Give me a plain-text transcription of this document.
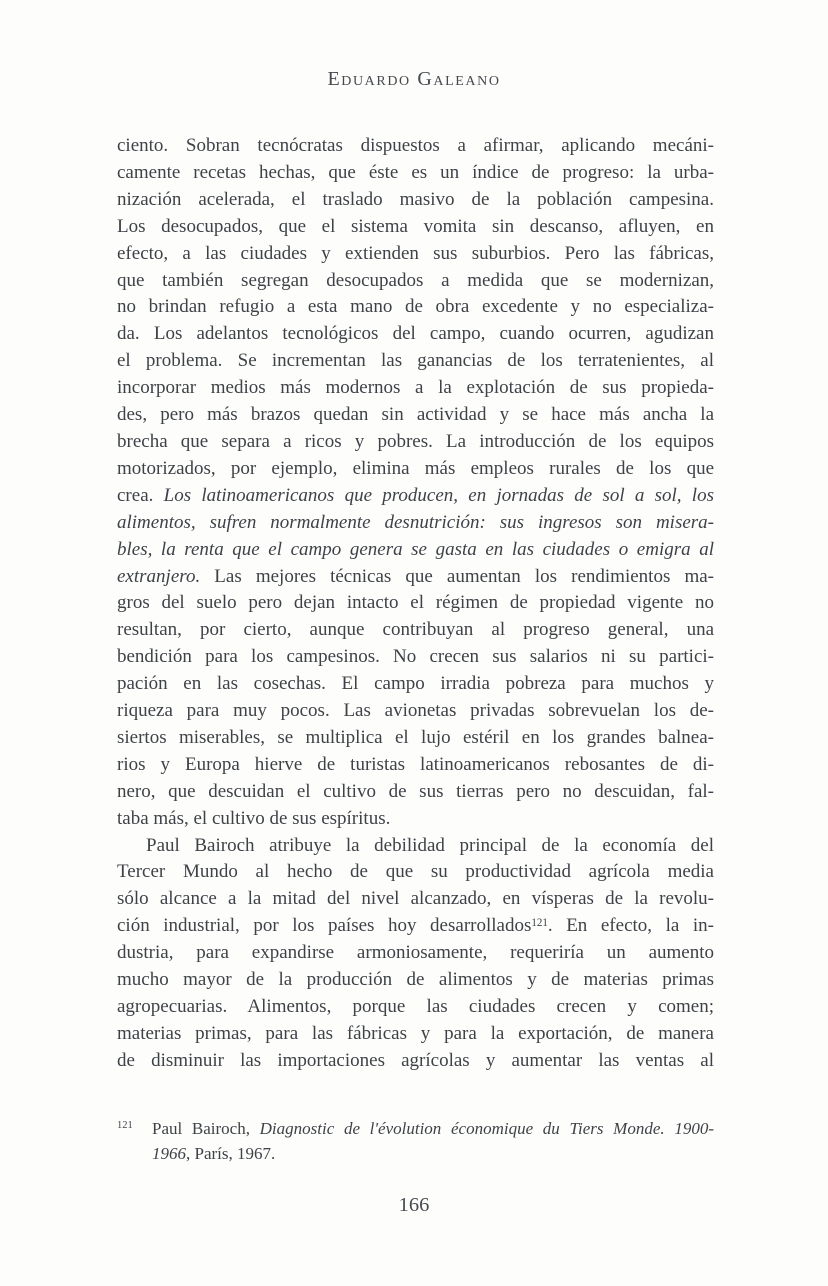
Eduardo Galeano
ciento. Sobran tecnócratas dispuestos a afirmar, aplicando mecáni-
camente recetas hechas, que éste es un índice de progreso: la urba-
nización acelerada, el traslado masivo de la población campesina.
Los desocupados, que el sistema vomita sin descanso, afluyen, en
efecto, a las ciudades y extienden sus suburbios. Pero las fábricas,
que también segregan desocupados a medida que se modernizan,
no brindan refugio a esta mano de obra excedente y no especializa-
da. Los adelantos tecnológicos del campo, cuando ocurren, agudizan
el problema. Se incrementan las ganancias de los terratenientes, al
incorporar medios más modernos a la explotación de sus propieda-
des, pero más brazos quedan sin actividad y se hace más ancha la
brecha que separa a ricos y pobres. La introducción de los equipos
motorizados, por ejemplo, elimina más empleos rurales de los que
crea. Los latinoamericanos que producen, en jornadas de sol a sol, los
alimentos, sufren normalmente desnutrición: sus ingresos son misera-
bles, la renta que el campo genera se gasta en las ciudades o emigra al
extranjero. Las mejores técnicas que aumentan los rendimientos ma-
gros del suelo pero dejan intacto el régimen de propiedad vigente no
resultan, por cierto, aunque contribuyan al progreso general, una
bendición para los campesinos. No crecen sus salarios ni su partici-
pación en las cosechas. El campo irradia pobreza para muchos y
riqueza para muy pocos. Las avionetas privadas sobrevuelan los de-
siertos miserables, se multiplica el lujo estéril en los grandes balnea-
rios y Europa hierve de turistas latinoamericanos rebosantes de di-
nero, que descuidan el cultivo de sus tierras pero no descuidan, fal-
taba más, el cultivo de sus espíritus.
Paul Bairoch atribuye la debilidad principal de la economía del
Tercer Mundo al hecho de que su productividad agrícola media
sólo alcance a la mitad del nivel alcanzado, en vísperas de la revolu-
ción industrial, por los países hoy desarrollados$^{121}$. En efecto, la in-
dustria, para expandirse armoniosamente, requeriría un aumento
mucho mayor de la producción de alimentos y de materias primas
agropecuarias. Alimentos, porque las ciudades crecen y comen;
materias primas, para las fábricas y para la exportación, de manera
de disminuir las importaciones agrícolas y aumentar las ventas al
121	Paul Bairoch, Diagnostic de l'évolution économique du Tiers Monde. 1900-
1966, París, 1967.
166
